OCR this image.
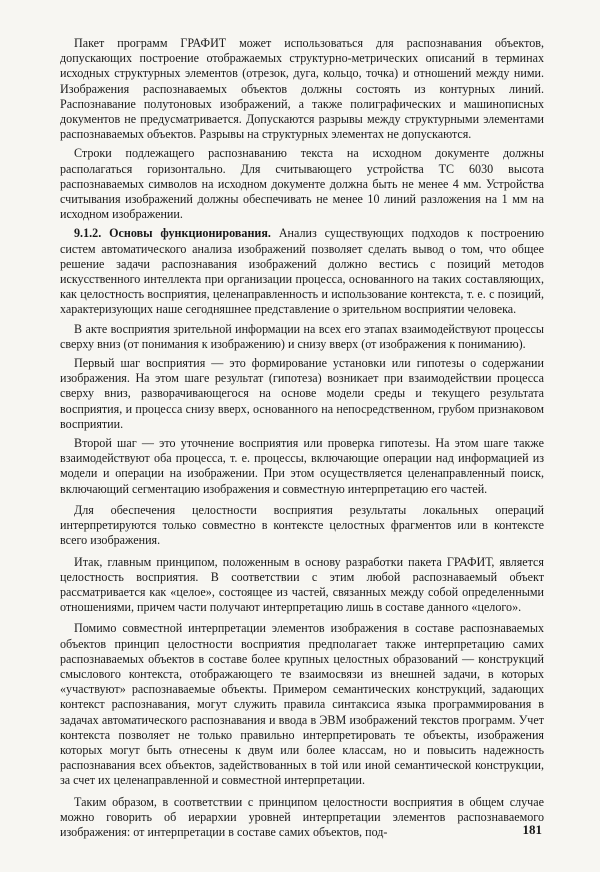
Пакет программ ГРАФИТ может использоваться для распознавания объектов, допускающих построение отображаемых структурно-метрических описаний в терминах исходных структурных элементов (отрезок, дуга, кольцо, точка) и отношений между ними. Изображения распознаваемых объектов должны состоять из контурных линий. Распознавание полутоновых изображений, а также полиграфических и машинописных документов не предусматривается. Допускаются разрывы между структурными элементами распознаваемых объектов. Разрывы на структурных элементах не допускаются.

Строки подлежащего распознаванию текста на исходном документе должны располагаться горизонтально. Для считывающего устройства ТС 6030 высота распознаваемых символов на исходном документе должна быть не менее 4 мм. Устройства считывания изображений должны обеспечивать не менее 10 линий разложения на 1 мм на исходном изображении.

9.1.2. Основы функционирования. Анализ существующих подходов к построению систем автоматического анализа изображений позволяет сделать вывод о том, что общее решение задачи распознавания изображений должно вестись с позиций методов искусственного интеллекта при организации процесса, основанного на таких составляющих, как целостность восприятия, целенаправленность и использование контекста, т. е. с позиций, характеризующих наше сегодняшнее представление о зрительном восприятии человека.

В акте восприятия зрительной информации на всех его этапах взаимодействуют процессы сверху вниз (от понимания к изображению) и снизу вверх (от изображения к пониманию).

Первый шаг восприятия — это формирование установки или гипотезы о содержании изображения. На этом шаге результат (гипотеза) возникает при взаимодействии процесса сверху вниз, разворачивающегося на основе модели среды и текущего результата восприятия, и процесса снизу вверх, основанного на непосредственном, грубом признаковом восприятии.

Второй шаг — это уточнение восприятия или проверка гипотезы. На этом шаге также взаимодействуют оба процесса, т. е. процессы, включающие операции над информацией из модели и операции на изображении. При этом осуществляется целенаправленный поиск, включающий сегментацию изображения и совместную интерпретацию его частей.

Для обеспечения целостности восприятия результаты локальных операций интерпретируются только совместно в контексте целостных фрагментов или в контексте всего изображения.

Итак, главным принципом, положенным в основу разработки пакета ГРАФИТ, является целостность восприятия. В соответствии с этим любой распознаваемый объект рассматривается как «целое», состоящее из частей, связанных между собой определенными отношениями, причем части получают интерпретацию лишь в составе данного «целого».

Помимо совместной интерпретации элементов изображения в составе распознаваемых объектов принцип целостности восприятия предполагает также интерпретацию самих распознаваемых объектов в составе более крупных целостных образований — конструкций смыслового контекста, отображающего те взаимосвязи из внешней задачи, в которых «участвуют» распознаваемые объекты. Примером семантических конструкций, задающих контекст распознавания, могут служить правила синтаксиса языка программирования в задачах автоматического распознавания и ввода в ЭВМ изображений текстов программ. Учет контекста позволяет не только правильно интерпретировать те объекты, изображения которых могут быть отнесены к двум или более классам, но и повысить надежность распознавания всех объектов, задействованных в той или иной семантической конструкции, за счет их целенаправленной и совместной интерпретации.

Таким образом, в соответствии с принципом целостности восприятия в общем случае можно говорить об иерархии уровней интерпретации элементов распознаваемого изображения: от интерпретации в составе самих объектов, под-	181
